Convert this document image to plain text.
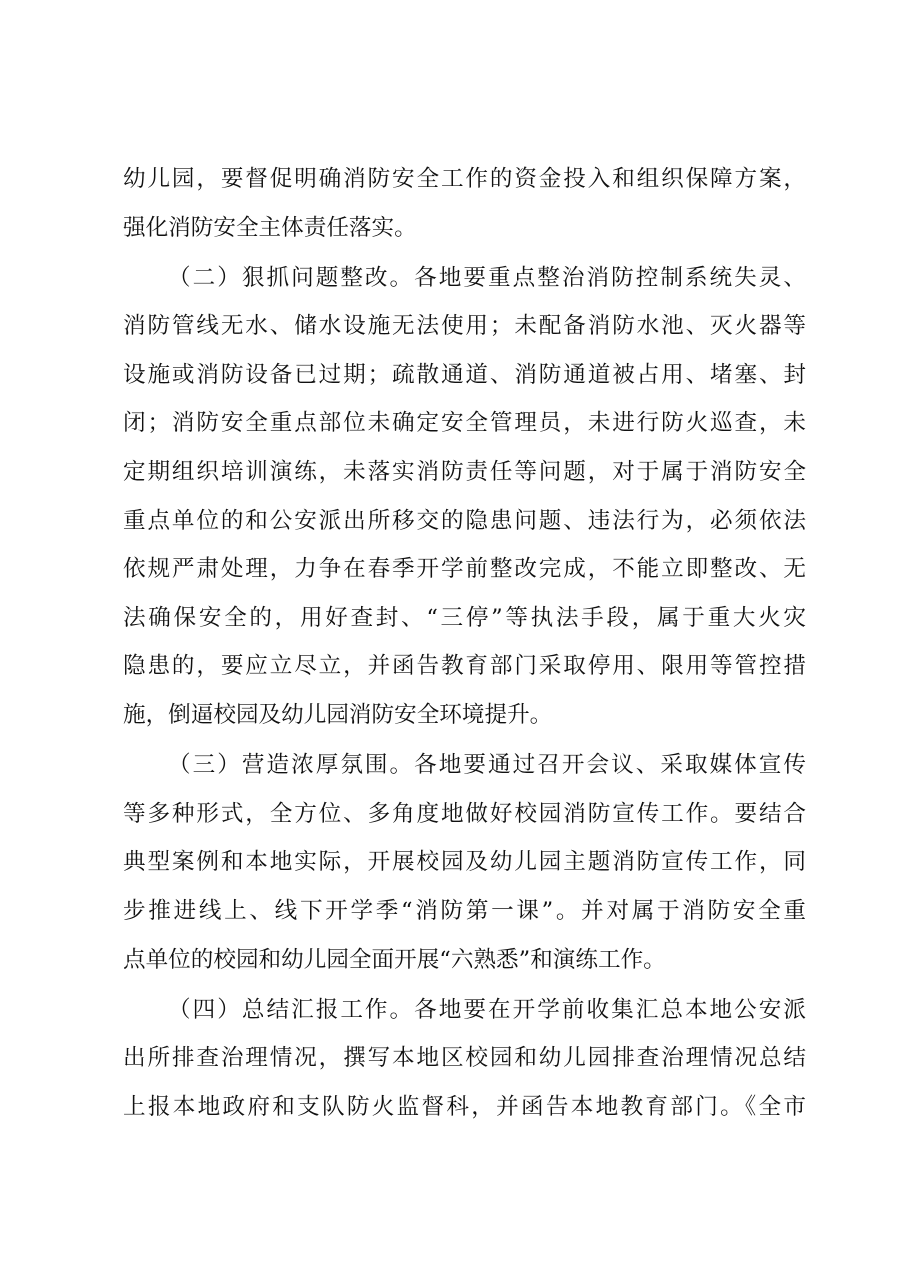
幼儿园，要督促明确消防安全工作的资金投入和组织保障方案，
强化消防安全主体责任落实。
（二）狠抓问题整改。各地要重点整治消防控制系统失灵、
消防管线无水、储水设施无法使用；未配备消防水池、灭火器等
设施或消防设备已过期；疏散通道、消防通道被占用、堵塞、封
闭；消防安全重点部位未确定安全管理员，未进行防火巡查，未
定期组织培训演练，未落实消防责任等问题，对于属于消防安全
重点单位的和公安派出所移交的隐患问题、违法行为，必须依法
依规严肃处理，力争在春季开学前整改完成，不能立即整改、无
法确保安全的，用好查封、“三停”等执法手段，属于重大火灾
隐患的，要应立尽立，并函告教育部门采取停用、限用等管控措
施，倒逼校园及幼儿园消防安全环境提升。
（三）营造浓厚氛围。各地要通过召开会议、采取媒体宣传
等多种形式，全方位、多角度地做好校园消防宣传工作。要结合
典型案例和本地实际，开展校园及幼儿园主题消防宣传工作，同
步推进线上、线下开学季“消防第一课”。并对属于消防安全重
点单位的校园和幼儿园全面开展“六熟悉”和演练工作。
（四）总结汇报工作。各地要在开学前收集汇总本地公安派
出所排查治理情况，撰写本地区校园和幼儿园排查治理情况总结
上报本地政府和支队防火监督科，并函告本地教育部门。《全市
